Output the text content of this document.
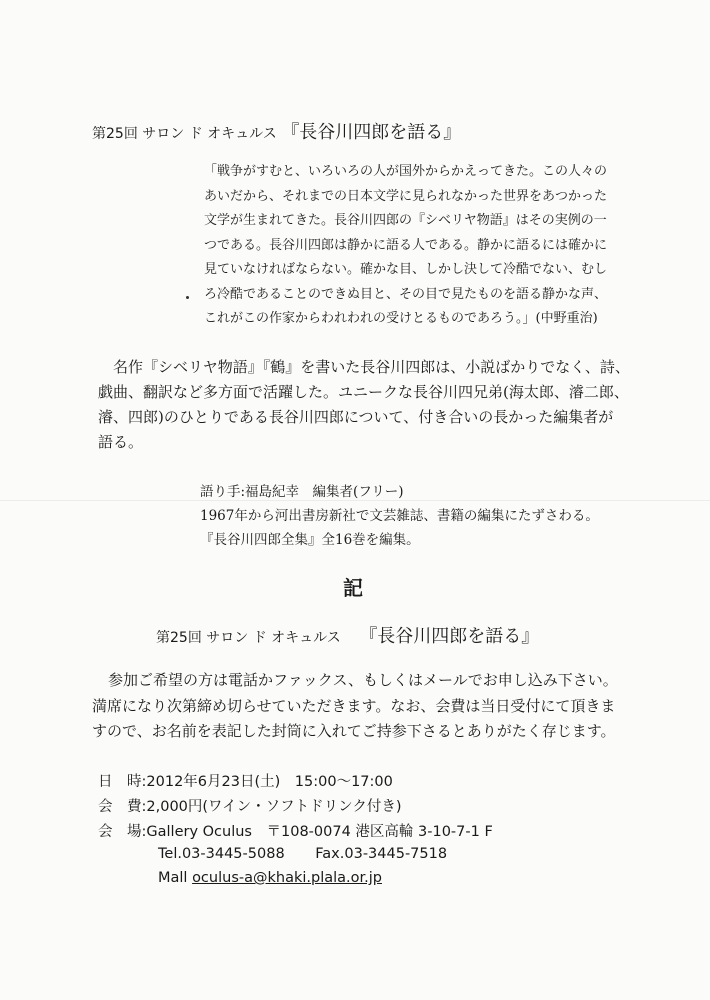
第25回 サロン ド オキュルス 『長谷川四郎を語る』
「戦争がすむと、いろいろの人が国外からかえってきた。この人々の
あいだから、それまでの日本文学に見られなかった世界をあつかった
文学が生まれてきた。長谷川四郎の『シベリヤ物語』はその実例の一
つである。長谷川四郎は静かに語る人である。静かに語るには確かに
見ていなければならない。確かな目、しかし決して冷酷でない、むし
ろ冷酷であることのできぬ目と、その目で見たものを語る静かな声、
これがこの作家からわれわれの受けとるものであろう。」(中野重治)
名作『シベリヤ物語』『鶴』を書いた長谷川四郎は、小説ばかりでなく、詩、
戯曲、翻訳など多方面で活躍した。ユニークな長谷川四兄弟(海太郎、濬二郎、
濬、四郎)のひとりである長谷川四郎について、付き合いの長かった編集者が
語る。
語り手:福島紀幸　編集者(フリー)
1967年から河出書房新社で文芸雑誌、書籍の編集にたずさわる。
『長谷川四郎全集』全16巻を編集。
記
第25回 サロン ド オキュルス 『長谷川四郎を語る』
参加ご希望の方は電話かファックス、もしくはメールでお申し込み下さい。
満席になり次第締め切らせていただきます。なお、会費は当日受付にて頂きま
すので、お名前を表記した封筒に入れてご持参下さるとありがたく存じます。
日　時:2012年6月23日(土)　15:00〜17:00
会　費:2,000円(ワイン・ソフトドリンク付き)
会　場:Gallery Oculus　〒108-0074 港区高輪 3-10-7-1 F
Tel.03-3445-5088 Fax.03-3445-7518
Mall oculus-a@khaki.plala.or.jp
